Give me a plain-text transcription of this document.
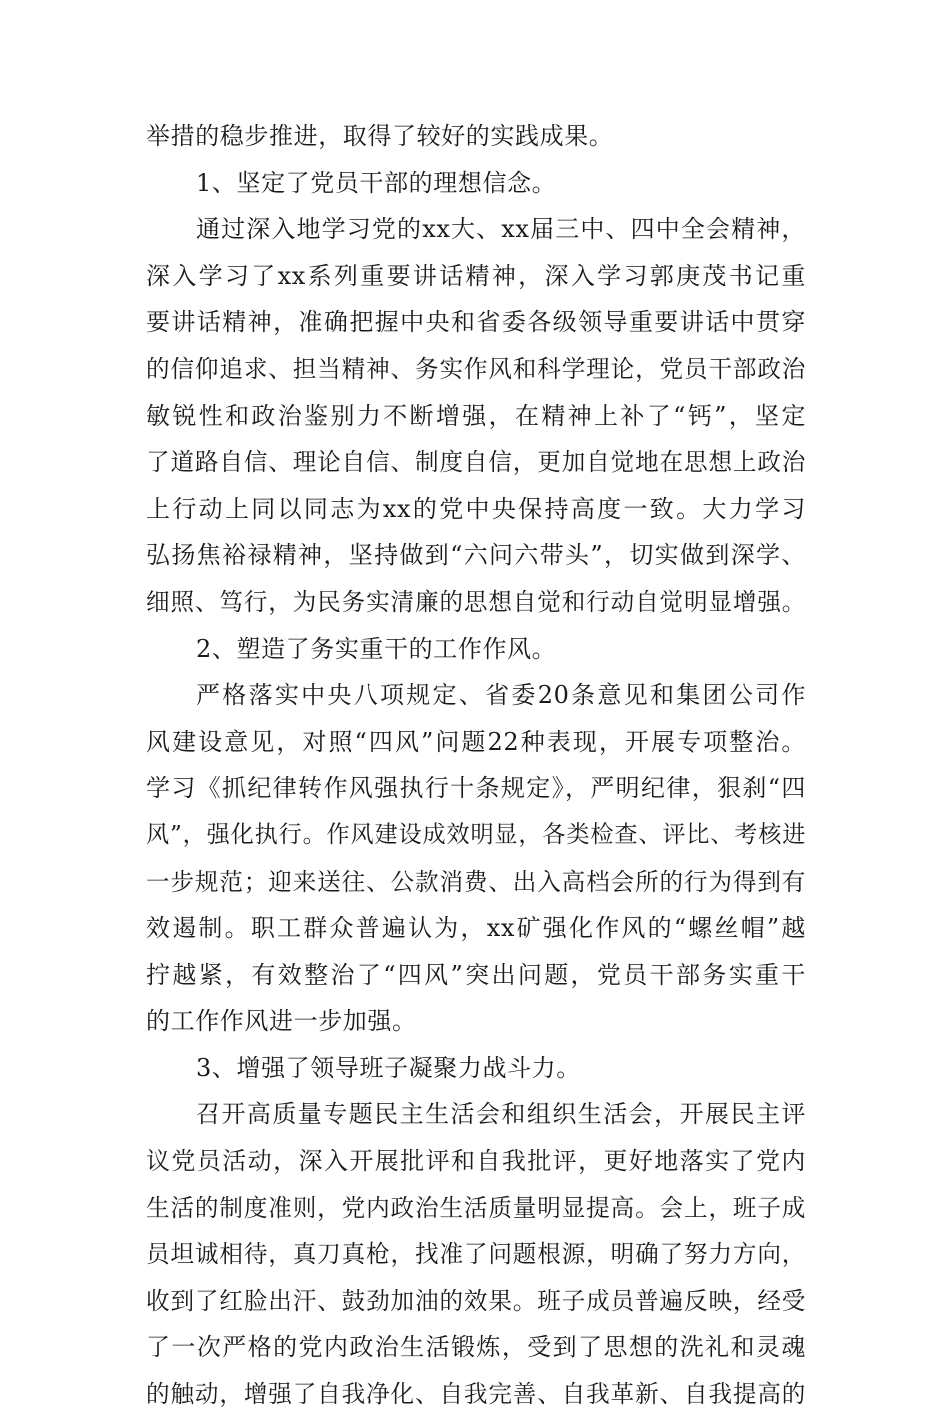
举措的稳步推进，取得了较好的实践成果。
1、坚定了党员干部的理想信念。
通过深入地学习党的xx大、xx届三中、四中全会精神，
深入学习了xx系列重要讲话精神，深入学习郭庚茂书记重
要讲话精神，准确把握中央和省委各级领导重要讲话中贯穿
的信仰追求、担当精神、务实作风和科学理论，党员干部政治
敏锐性和政治鉴别力不断增强，在精神上补了“钙”，坚定
了道路自信、理论自信、制度自信，更加自觉地在思想上政治
上行动上同以同志为xx的党中央保持高度一致。大力学习
弘扬焦裕禄精神，坚持做到“六问六带头”，切实做到深学、
细照、笃行，为民务实清廉的思想自觉和行动自觉明显增强。
2、塑造了务实重干的工作作风。
严格落实中央八项规定、省委20条意见和集团公司作
风建设意见，对照“四风”问题22种表现，开展专项整治。
学习《抓纪律转作风强执行十条规定》，严明纪律，狠刹“四
风”，强化执行。作风建设成效明显，各类检查、评比、考核进
一步规范；迎来送往、公款消费、出入高档会所的行为得到有
效遏制。职工群众普遍认为，xx矿强化作风的“螺丝帽”越
拧越紧，有效整治了“四风”突出问题，党员干部务实重干
的工作作风进一步加强。
3、增强了领导班子凝聚力战斗力。
召开高质量专题民主生活会和组织生活会，开展民主评
议党员活动，深入开展批评和自我批评，更好地落实了党内
生活的制度准则，党内政治生活质量明显提高。会上，班子成
员坦诚相待，真刀真枪，找准了问题根源，明确了努力方向，
收到了红脸出汗、鼓劲加油的效果。班子成员普遍反映，经受
了一次严格的党内政治生活锻炼，受到了思想的洗礼和灵魂
的触动，增强了自我净化、自我完善、自我革新、自我提高的
